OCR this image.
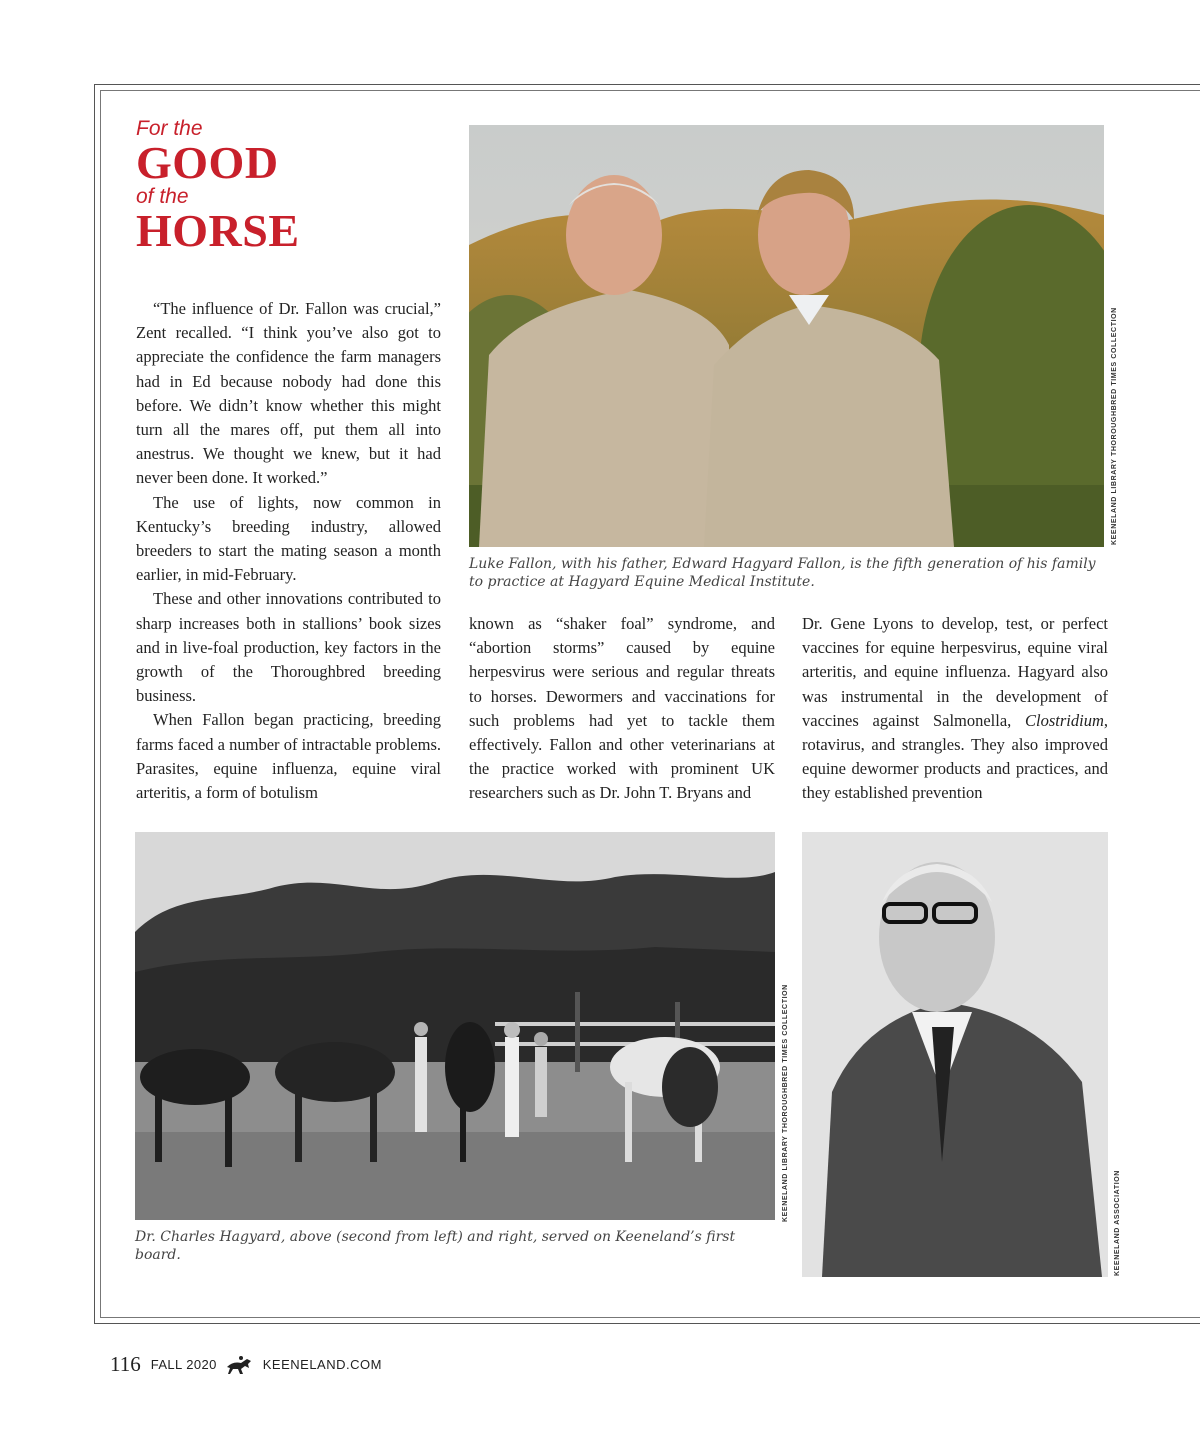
For the
GOOD
of the
HORSE

“The influence of Dr. Fallon was crucial,” Zent recalled. “I think you’ve also got to appreciate the confidence the farm managers had in Ed because nobody had done this before. We didn’t know whether this might turn all the mares off, put them all into anestrus. We thought we knew, but it had never been done. It worked.”

The use of lights, now common in Kentucky’s breeding industry, allowed breeders to start the mating season a month earlier, in mid-February.

These and other innovations contributed to sharp increases both in stallions’ book sizes and in live-foal production, key factors in the growth of the Thoroughbred breeding business.

When Fallon began practicing, breeding farms faced a number of intractable problems. Parasites, equine influenza, equine viral arteritis, a form of botulism

known as “shaker foal” syndrome, and “abortion storms” caused by equine herpesvirus were serious and regular threats to horses. Dewormers and vaccinations for such problems had yet to tackle them effectively. Fallon and other veterinarians at the practice worked with prominent UK researchers such as Dr. John T. Bryans and

Dr. Gene Lyons to develop, test, or perfect vaccines for equine herpesvirus, equine viral arteritis, and equine influenza. Hagyard also was instrumental in the development of vaccines against Salmonella, Clostridium, rotavirus, and strangles. They also improved equine dewormer products and practices, and they established prevention

KEENELAND LIBRARY THOROUGHBRED TIMES COLLECTION

Luke Fallon, with his father, Edward Hagyard Fallon, is the fifth generation of his family to practice at Hagyard Equine Medical Institute.

KEENELAND LIBRARY THOROUGHBRED TIMES COLLECTION

Dr. Charles Hagyard, above (second from left) and right, served on Keeneland’s first board.	KEENELAND ASSOCIATION
116 FALL 2020	KEENELAND.COM
